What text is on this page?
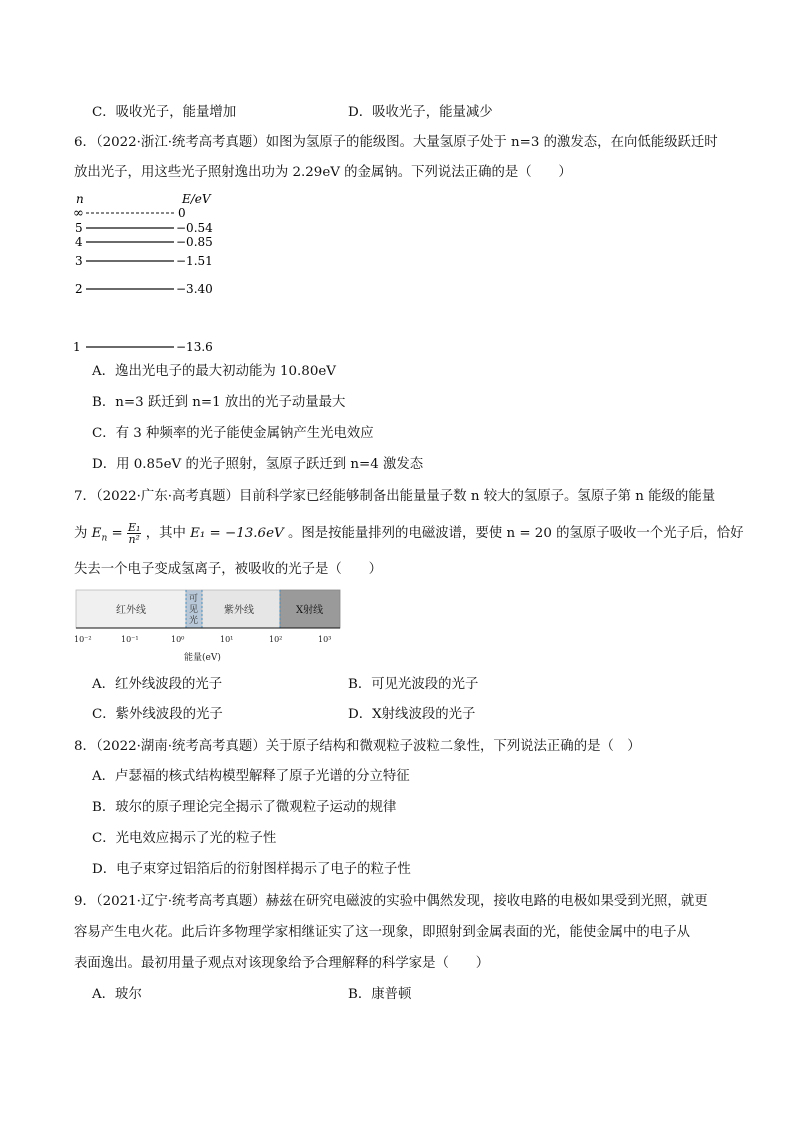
C．吸收光子，能量增加	D．吸收光子，能量减少
6．（2022·浙江·统考高考真题）如图为氢原子的能级图。大量氢原子处于 n=3 的激发态，在向低能级跃迁时
放出光子，用这些光子照射逸出功为 2.29eV 的金属钠。下列说法正确的是（　　）
n	E/eV
∞	0
5	−0.54
4	−0.85
3	−1.51
2	−3.40
1	−13.6
A．逸出光电子的最大初动能为 10.80eV
B．n=3 跃迁到 n=1 放出的光子动量最大
C．有 3 种频率的光子能使金属钠产生光电效应
D．用 0.85eV 的光子照射，氢原子跃迁到 n=4 激发态
7．（2022·广东·高考真题）目前科学家已经能够制备出能量量子数 n 较大的氢原子。氢原子第 n 能级的能量
为 $E_n = \frac{\text{E₁}}{\text{n²}}$ ，其中 E₁ = −13.6eV 。图是按能量排列的电磁波谱，要使 n = 20 的氢原子吸收一个光子后，恰好
失去一个电子变成氢离子，被吸收的光子是（　　）
红外线
可 见 光
紫外线	X射线
10⁻²	10⁻¹	10⁰	10¹	10²	10³
能量(eV)
A．红外线波段的光子	B．可见光波段的光子
C．紫外线波段的光子	D．X射线波段的光子
8．（2022·湖南·统考高考真题）关于原子结构和微观粒子波粒二象性，下列说法正确的是（　）
A．卢瑟福的核式结构模型解释了原子光谱的分立特征
B．玻尔的原子理论完全揭示了微观粒子运动的规律
C．光电效应揭示了光的粒子性
D．电子束穿过铝箔后的衍射图样揭示了电子的粒子性
9．（2021·辽宁·统考高考真题）赫兹在研究电磁波的实验中偶然发现，接收电路的电极如果受到光照，就更
容易产生电火花。此后许多物理学家相继证实了这一现象，即照射到金属表面的光，能使金属中的电子从
表面逸出。最初用量子观点对该现象给予合理解释的科学家是（　　）
A．玻尔	B．康普顿
